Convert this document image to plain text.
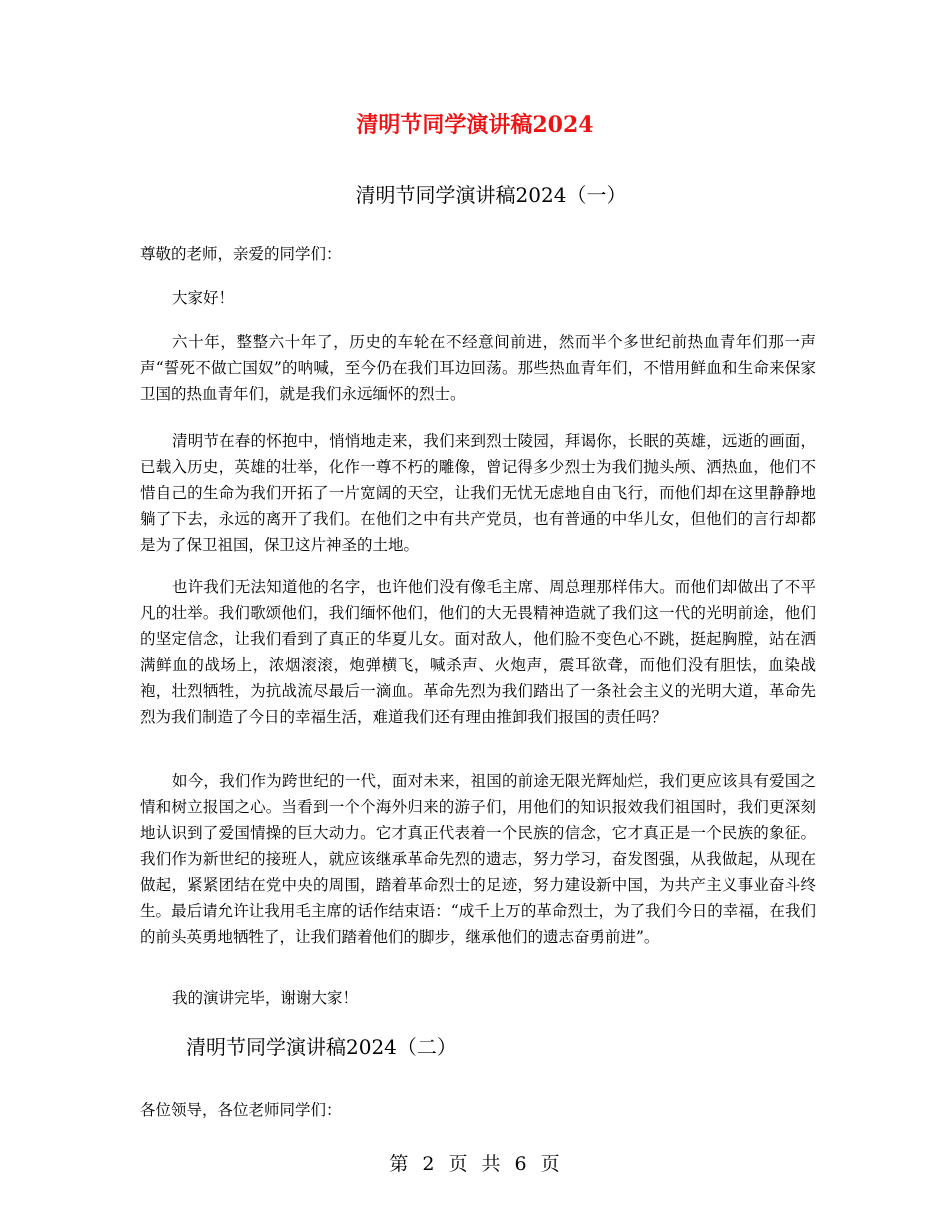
清明节同学演讲稿2024
清明节同学演讲稿2024（一）

尊敬的老师，亲爱的同学们：

大家好！

六十年，整整六十年了，历史的车轮在不经意间前进，然而半个多世纪前热血青年们那一声声“誓死不做亡国奴”的呐喊，至今仍在我们耳边回荡。那些热血青年们，不惜用鲜血和生命来保家卫国的热血青年们，就是我们永远缅怀的烈士。

清明节在春的怀抱中，悄悄地走来，我们来到烈士陵园，拜谒你，长眠的英雄，远逝的画面，已载入历史，英雄的壮举，化作一尊不朽的雕像，曾记得多少烈士为我们抛头颅、洒热血，他们不惜自己的生命为我们开拓了一片宽阔的天空，让我们无忧无虑地自由飞行，而他们却在这里静静地躺了下去，永远的离开了我们。在他们之中有共产党员，也有普通的中华儿女，但他们的言行却都是为了保卫祖国，保卫这片神圣的土地。

也许我们无法知道他的名字，也许他们没有像毛主席、周总理那样伟大。而他们却做出了不平凡的壮举。我们歌颂他们，我们缅怀他们，他们的大无畏精神造就了我们这一代的光明前途，他们的坚定信念，让我们看到了真正的华夏儿女。面对敌人，他们脸不变色心不跳，挺起胸膛，站在洒满鲜血的战场上，浓烟滚滚，炮弹横飞，喊杀声、火炮声，震耳欲聋，而他们没有胆怯，血染战袍，壮烈牺牲，为抗战流尽最后一滴血。革命先烈为我们踏出了一条社会主义的光明大道，革命先烈为我们制造了今日的幸福生活，难道我们还有理由推卸我们报国的责任吗？

如今，我们作为跨世纪的一代，面对未来，祖国的前途无限光辉灿烂，我们更应该具有爱国之情和树立报国之心。当看到一个个海外归来的游子们，用他们的知识报效我们祖国时，我们更深刻地认识到了爱国情操的巨大动力。它才真正代表着一个民族的信念，它才真正是一个民族的象征。我们作为新世纪的接班人，就应该继承革命先烈的遗志，努力学习，奋发图强，从我做起，从现在做起，紧紧团结在党中央的周围，踏着革命烈士的足迹，努力建设新中国，为共产主义事业奋斗终生。最后请允许让我用毛主席的话作结束语：“成千上万的革命烈士，为了我们今日的幸福，在我们的前头英勇地牺牲了，让我们踏着他们的脚步，继承他们的遗志奋勇前进”。

我的演讲完毕，谢谢大家！

清明节同学演讲稿2024（二）

各位领导，各位老师同学们：

第 2 页 共 6 页
